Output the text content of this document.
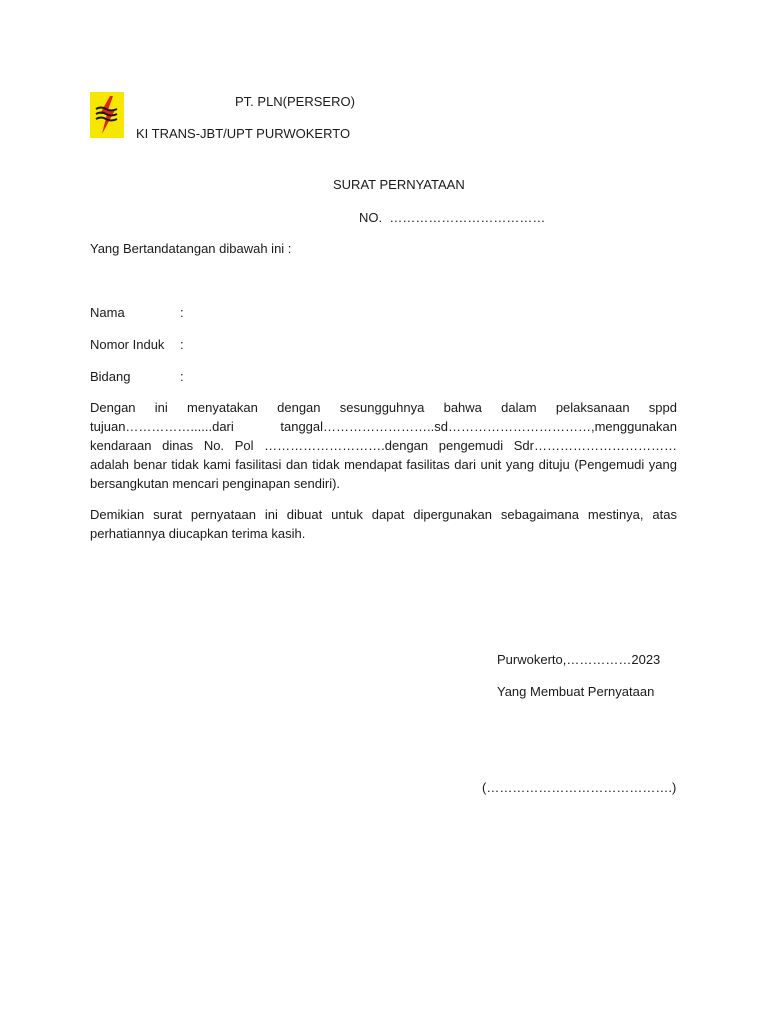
PT. PLN(PERSERO)
KI TRANS-JBT/UPT PURWOKERTO
SURAT PERNYATAAN
NO. ………………………………
Yang Bertandatangan dibawah ini :
Nama	:
Nomor Induk :
Bidang	:
Dengan ini menyatakan dengan sesungguhnya bahwa dalam pelaksanaan sppd tujuan……………......dari tanggal……………………..sd……………………………,menggunakan kendaraan dinas No. Pol ……………………….dengan pengemudi Sdr…………………………… adalah benar tidak kami fasilitasi dan tidak mendapat fasilitas dari unit yang dituju (Pengemudi yang bersangkutan mencari penginapan sendiri).
Demikian surat pernyataan ini dibuat untuk dapat dipergunakan sebagaimana mestinya, atas perhatiannya diucapkan terima kasih.
Purwokerto,……………2023
Yang Membuat Pernyataan
(…………………………………….)
